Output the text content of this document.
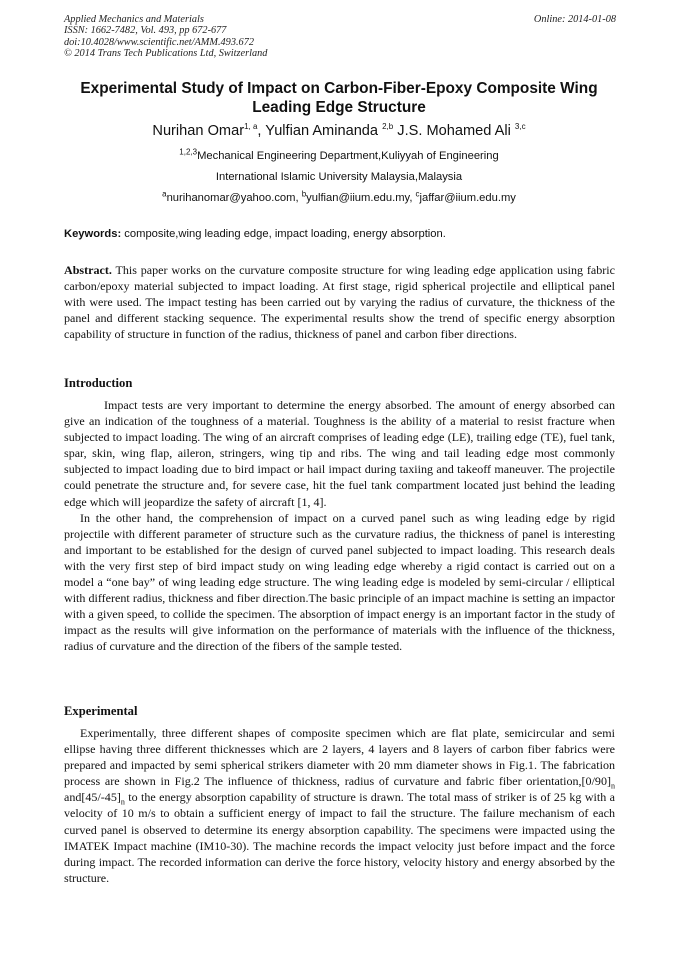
Applied Mechanics and Materials
ISSN: 1662-7482, Vol. 493, pp 672-677
doi:10.4028/www.scientific.net/AMM.493.672
© 2014 Trans Tech Publications Ltd, Switzerland
Online: 2014-01-08
Experimental Study of Impact on Carbon-Fiber-Epoxy Composite Wing
Leading Edge Structure
Nurihan Omar$^{1, a}$, Yulfian Aminanda $^{2,b}$ J.S. Mohamed Ali $^{3,c}$
$^{1,2,3}$Mechanical Engineering Department,Kuliyyah of Engineering
International Islamic University Malaysia,Malaysia
$^a$nurihanomar@yahoo.com, $^b$yulfian@iium.edu.my, $^c$jaffar@iium.edu.my
Keywords: composite,wing leading edge, impact loading, energy absorption.

Abstract. This paper works on the curvature composite structure for wing leading edge application using fabric carbon/epoxy material subjected to impact loading. At first stage, rigid spherical projectile and elliptical panel with were used. The impact testing has been carried out by varying the radius of curvature, the thickness of the panel and different stacking sequence. The experimental results show the trend of specific energy absorption capability of structure in function of the radius, thickness of panel and carbon fiber directions.

Introduction

Impact tests are very important to determine the energy absorbed. The amount of energy absorbed can give an indication of the toughness of a material. Toughness is the ability of a material to resist fracture when subjected to impact loading. The wing of an aircraft comprises of leading edge (LE), trailing edge (TE), fuel tank, spar, skin, wing flap, aileron, stringers, wing tip and ribs. The wing and tail leading edge most commonly subjected to impact loading due to bird impact or hail impact during taxiing and takeoff maneuver. The projectile could penetrate the structure and, for severe case, hit the fuel tank compartment located just behind the leading edge which will jeopardize the safety of aircraft [1, 4].

In the other hand, the comprehension of impact on a curved panel such as wing leading edge by rigid projectile with different parameter of structure such as the curvature radius, the thickness of panel is interesting and important to be established for the design of curved panel subjected to impact loading. This research deals with the very first step of bird impact study on wing leading edge whereby a rigid contact is carried out on a model a “one bay” of wing leading edge structure. The wing leading edge is modeled by semi-circular / elliptical with different radius, thickness and fiber direction.The basic principle of an impact machine is setting an impactor with a given speed, to collide the specimen. The absorption of impact energy is an important factor in the study of impact as the results will give information on the performance of materials with the influence of the thickness, radius of curvature and the direction of the fibers of the sample tested.

Experimental

Experimentally, three different shapes of composite specimen which are flat plate, semicircular and semi ellipse having three different thicknesses which are 2 layers, 4 layers and 8 layers of carbon fiber fabrics were prepared and impacted by semi spherical strikers diameter with 20 mm diameter shows in Fig.1. The fabrication process are shown in Fig.2 The influence of thickness, radius of curvature and fabric fiber $orientation,[0/90]_n$ $and[45/-45]_n$ to the energy absorption capability of structure is drawn. The total mass of striker is of 25 kg with a velocity of 10 m/s to obtain a sufficient energy of impact to fail the structure. The failure mechanism of each curved panel is observed to determine its energy absorption capability. The specimens were impacted using the IMATEK Impact machine (IM10-30). The machine records the impact velocity just before impact and the force during impact. The recorded information can derive the force history, velocity history and energy absorbed by the structure.
